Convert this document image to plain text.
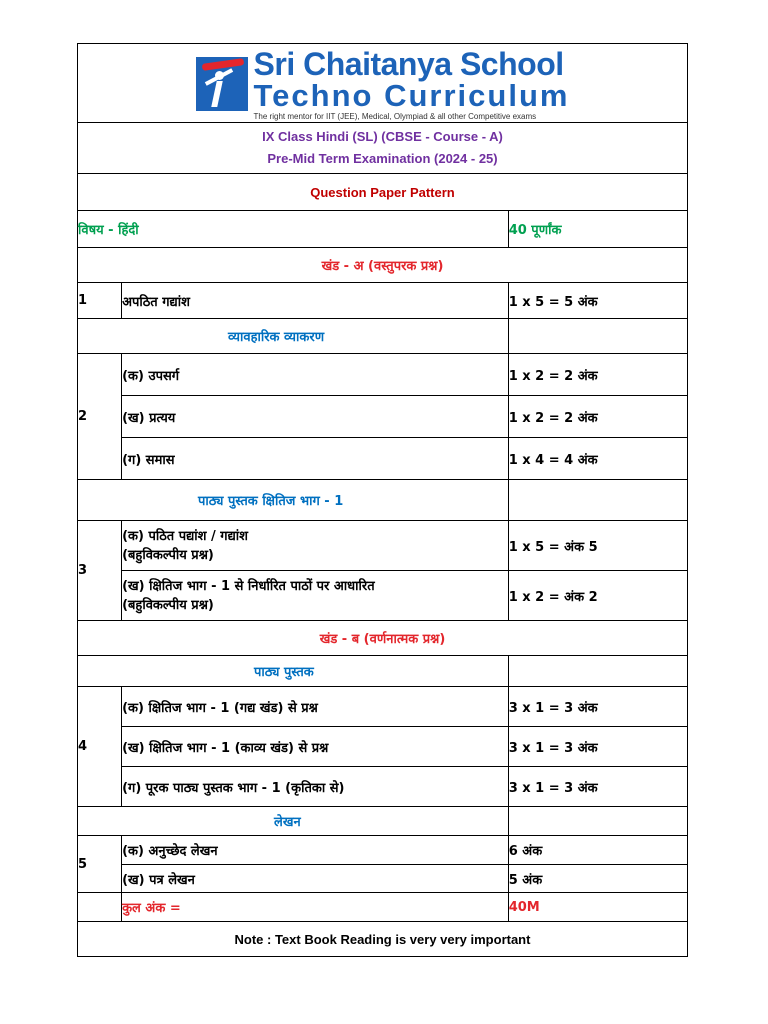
Sri Chaitanya School
Techno Curriculum
The right mentor for IIT (JEE), Medical, Olympiad & all other Competitive exams		

IX Class Hindi (SL) (CBSE - Course - A)
Pre-Mid Term Examination (2024 - 25)		

Question Paper Pattern		
विषय - हिंदी		40 पूर्णांक
खंड - अ (वस्तुपरक प्रश्न)		
1	अपठित गद्यांश	1 x 5 = 5 अंक
व्यावहारिक व्याकरण		
2	(क) उपसर्ग	1 x 2 = 2 अंक
	(ख) प्रत्यय	1 x 2 = 2 अंक
	(ग) समास	1 x 4 = 4 अंक
पाठ्य पुस्तक क्षितिज भाग - 1		
3	(क) पठित पद्यांश / गद्यांश
(बहुविकल्पीय प्रश्न)	1 x 5 = अंक 5

	(ख) क्षितिज भाग - 1 से निर्धारित पाठों पर आधारित
(बहुविकल्पीय प्रश्न)	1 x 2 = अंक 2
खंड - ब (वर्णनात्मक प्रश्न)		
पाठ्य पुस्तक		
4	(क) क्षितिज भाग - 1 (गद्य खंड) से प्रश्न	3 x 1 = 3 अंक
	(ख) क्षितिज भाग - 1 (काव्य खंड) से प्रश्न	3 x 1 = 3 अंक
	(ग) पूरक पाठ्य पुस्तक भाग - 1 (कृतिका से)	3 x 1 = 3 अंक
लेखन		
5	(क) अनुच्छेद लेखन	6 अंक
	(ख) पत्र लेखन	5 अंक
	कुल अंक =	40M
Note : Text Book Reading is very very important		
